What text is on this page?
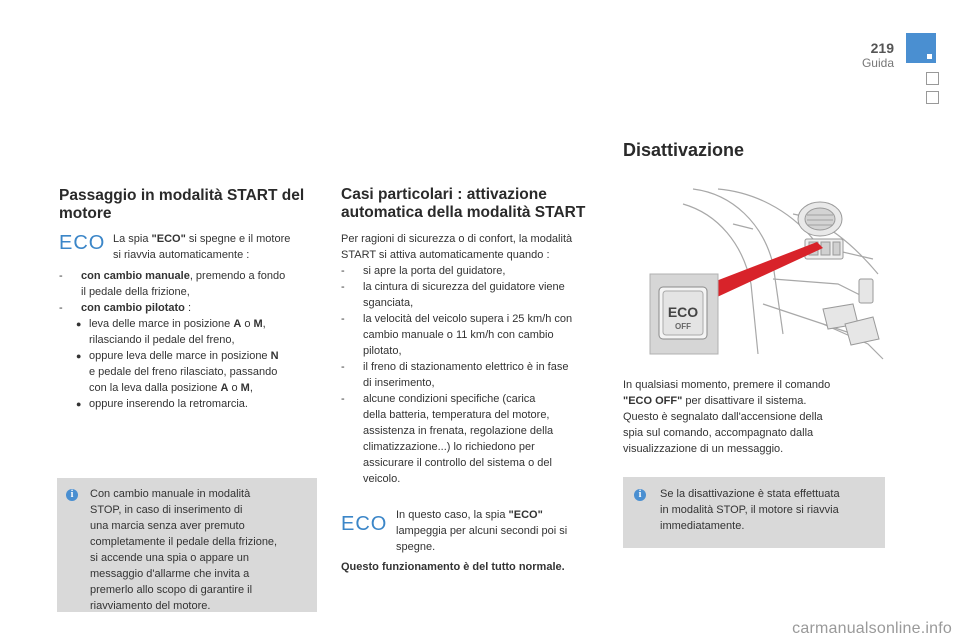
219
Guida
Passaggio in modalità START del motore
ECO La spia "ECO" si spegne e il motore
si riavvia automaticamente :
- con cambio manuale, premendo a fondo
il pedale della frizione,
- con cambio pilotato :
● leva delle marce in posizione A o M,
rilasciando il pedale del freno,
● oppure leva delle marce in posizione N
e pedale del freno rilasciato, passando
con la leva dalla posizione A o M,
● oppure inserendo la retromarcia.
i	Con cambio manuale in modalità
STOP, in caso di inserimento di
una marcia senza aver premuto
completamente il pedale della frizione,
si accende una spia o appare un
messaggio d'allarme che invita a
premerlo allo scopo di garantire il
riavviamento del motore.
Casi particolari : attivazione
automatica della modalità START
Per ragioni di sicurezza o di confort, la modalità
START si attiva automaticamente quando :
- si apre la porta del guidatore,
- la cintura di sicurezza del guidatore viene
sganciata,
- la velocità del veicolo supera i 25 km/h con
cambio manuale o 11 km/h con cambio
pilotato,
- il freno di stazionamento elettrico è in fase
di inserimento,
- alcune condizioni specifiche (carica
della batteria, temperatura del motore,
assistenza in frenata, regolazione della
climatizzazione...) lo richiedono per
assicurare il controllo del sistema o del
veicolo.
ECO In questo caso, la spia "ECO"
lampeggia per alcuni secondi poi si
spegne.
Questo funzionamento è del tutto normale.
Disattivazione
ECO
OFF
In qualsiasi momento, premere il comando
"ECO OFF" per disattivare il sistema.
Questo è segnalato dall'accensione della
spia sul comando, accompagnato dalla
visualizzazione di un messaggio.
i	Se la disattivazione è stata effettuata
in modalità STOP, il motore si riavvia
immediatamente.
carmanualsonline.info
